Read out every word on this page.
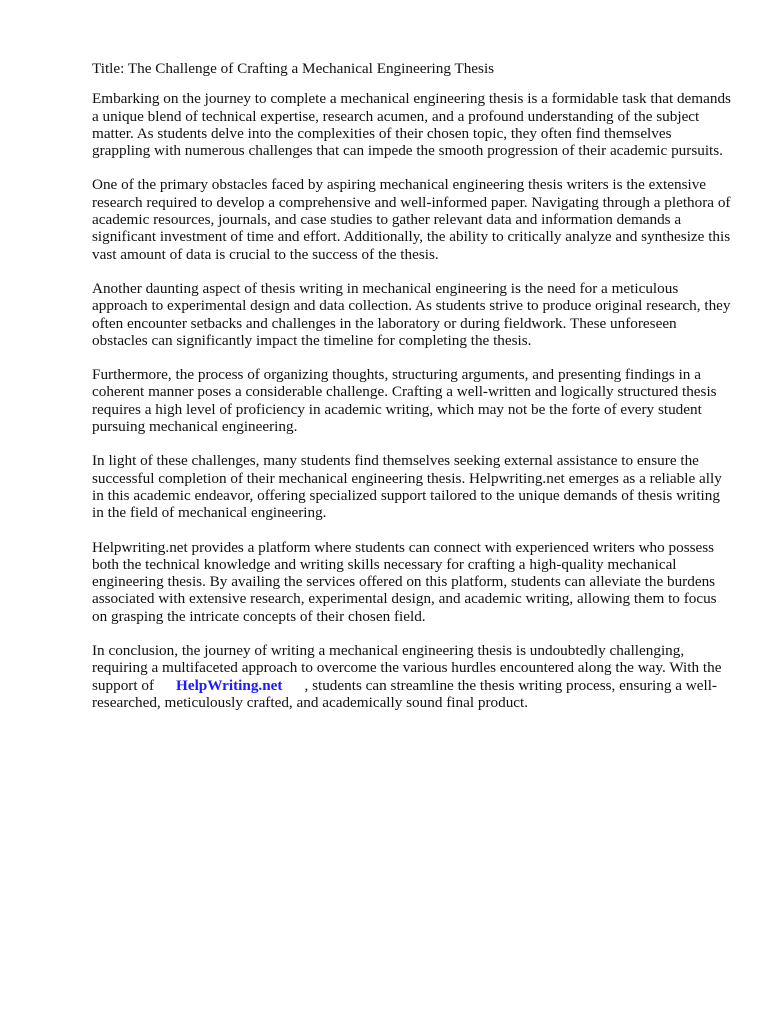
Title: The Challenge of Crafting a Mechanical Engineering Thesis

Embarking on the journey to complete a mechanical engineering thesis is a formidable task that demands a unique blend of technical expertise, research acumen, and a profound understanding of the subject matter. As students delve into the complexities of their chosen topic, they often find themselves grappling with numerous challenges that can impede the smooth progression of their academic pursuits.

One of the primary obstacles faced by aspiring mechanical engineering thesis writers is the extensive research required to develop a comprehensive and well-informed paper. Navigating through a plethora of academic resources, journals, and case studies to gather relevant data and information demands a significant investment of time and effort. Additionally, the ability to critically analyze and synthesize this vast amount of data is crucial to the success of the thesis.

Another daunting aspect of thesis writing in mechanical engineering is the need for a meticulous approach to experimental design and data collection. As students strive to produce original research, they often encounter setbacks and challenges in the laboratory or during fieldwork. These unforeseen obstacles can significantly impact the timeline for completing the thesis.

Furthermore, the process of organizing thoughts, structuring arguments, and presenting findings in a coherent manner poses a considerable challenge. Crafting a well-written and logically structured thesis requires a high level of proficiency in academic writing, which may not be the forte of every student pursuing mechanical engineering.

In light of these challenges, many students find themselves seeking external assistance to ensure the successful completion of their mechanical engineering thesis. Helpwriting.net emerges as a reliable ally in this academic endeavor, offering specialized support tailored to the unique demands of thesis writing in the field of mechanical engineering.

Helpwriting.net provides a platform where students can connect with experienced writers who possess both the technical knowledge and writing skills necessary for crafting a high-quality mechanical engineering thesis. By availing the services offered on this platform, students can alleviate the burdens associated with extensive research, experimental design, and academic writing, allowing them to focus on grasping the intricate concepts of their chosen field.

In conclusion, the journey of writing a mechanical engineering thesis is undoubtedly challenging, requiring a multifaceted approach to overcome the various hurdles encountered along the way. With the support of HelpWriting.net , students can streamline the thesis writing process, ensuring a well-researched, meticulously crafted, and academically sound final product.
